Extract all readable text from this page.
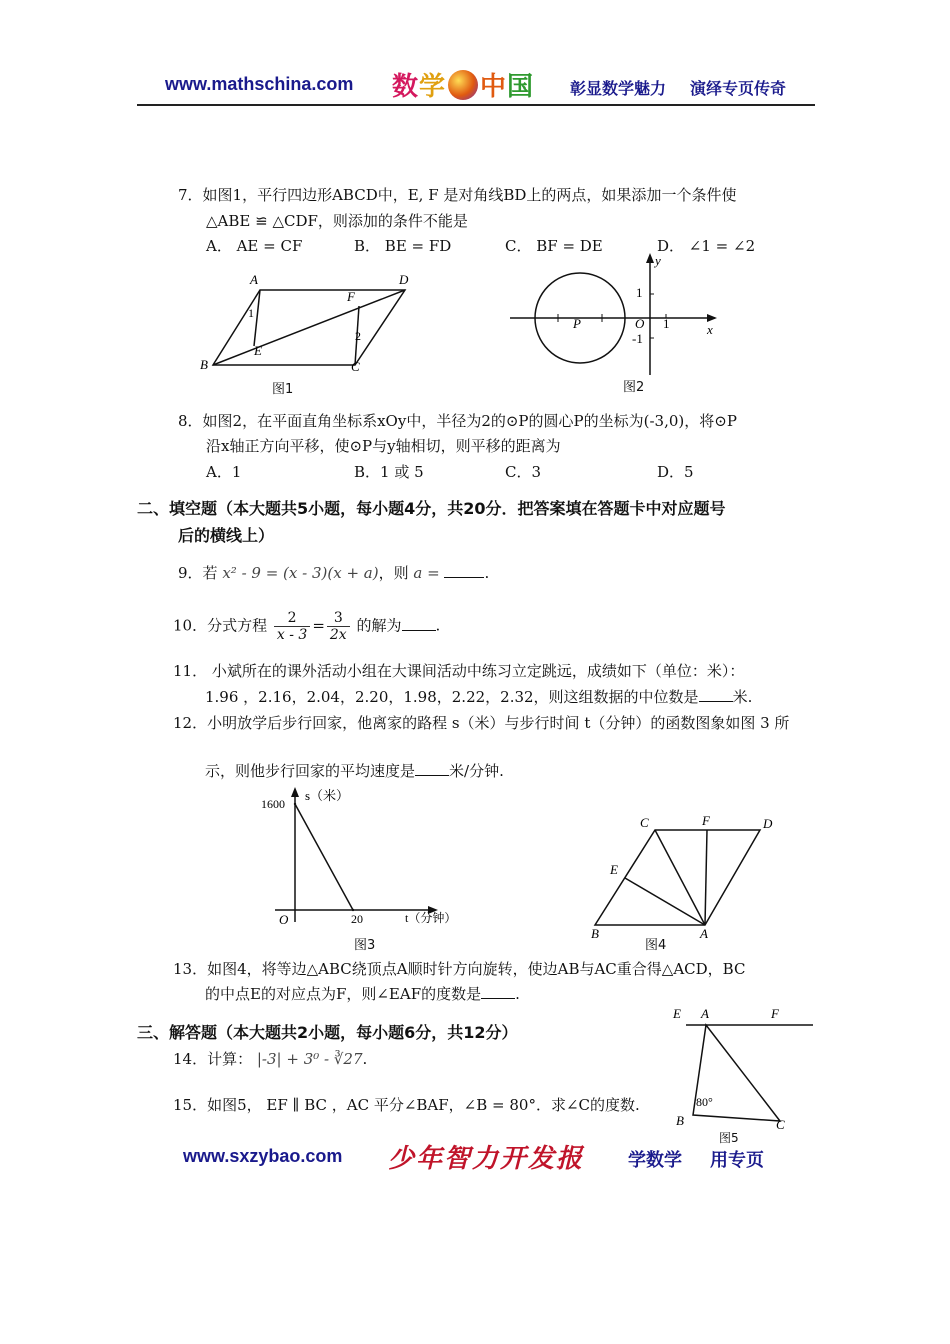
www.mathschina.com 数学 中国 彰显数学魅力 演绎专页传奇
7．如图1，平行四边形ABCD中，E, F 是对角线BD上的两点，如果添加一个条件使
△ABE ≌ △CDF，则添加的条件不能是
A． AE = CF	B． BE = FD	C． BF = DE	D． ∠1 = ∠2
A	D
B	C
E
F
1
2
图1
y
x
O
P
1
-1
1
图2
8．如图2，在平面直角坐标系xOy中，半径为2的⊙P的圆心P的坐标为(-3,0)，将⊙P
沿x轴正方向平移，使⊙P与y轴相切，则平移的距离为
A．1	B．1 或 5	C．3	D．5
二、填空题（本大题共5小题，每小题4分，共20分．把答案填在答题卡中对应题号
后的横线上）
9．若 x² - 9 = (x - 3)(x + a)，则 a =	.
10．分式方程 $\frac{2}{x - 3} = \frac{3}{2x}$ 的解为 .
11． 小斌所在的课外活动小组在大课间活动中练习立定跳远，成绩如下（单位：米）：
1.96 ，2.16，2.04，2.20，1.98，2.22，2.32，则这组数据的中位数是 米.
12．小明放学后步行回家，他离家的路程 s（米）与步行时间 t（分钟）的函数图象如图 3 所
示，则他步行回家的平均速度是 米/分钟.
1600
20
O
s（米）
t（分钟）
图3
C	F	D
E
B	A
图4
13．如图4，将等边△ABC绕顶点A顺时针方向旋转，使边AB与AC重合得△ACD，BC
的中点E的对应点为F，则∠EAF的度数是 .
三、解答题（本大题共2小题，每小题6分，共12分）
14．计算： |-3| + 3⁰ - ∛27.
15．如图5， EF ∥ BC ，AC 平分∠BAF，∠B = 80°．求∠C的度数.
E A	F
B	C
80°
图5
www.sxzybao.com 少年智力开发报 学数学 用专页
